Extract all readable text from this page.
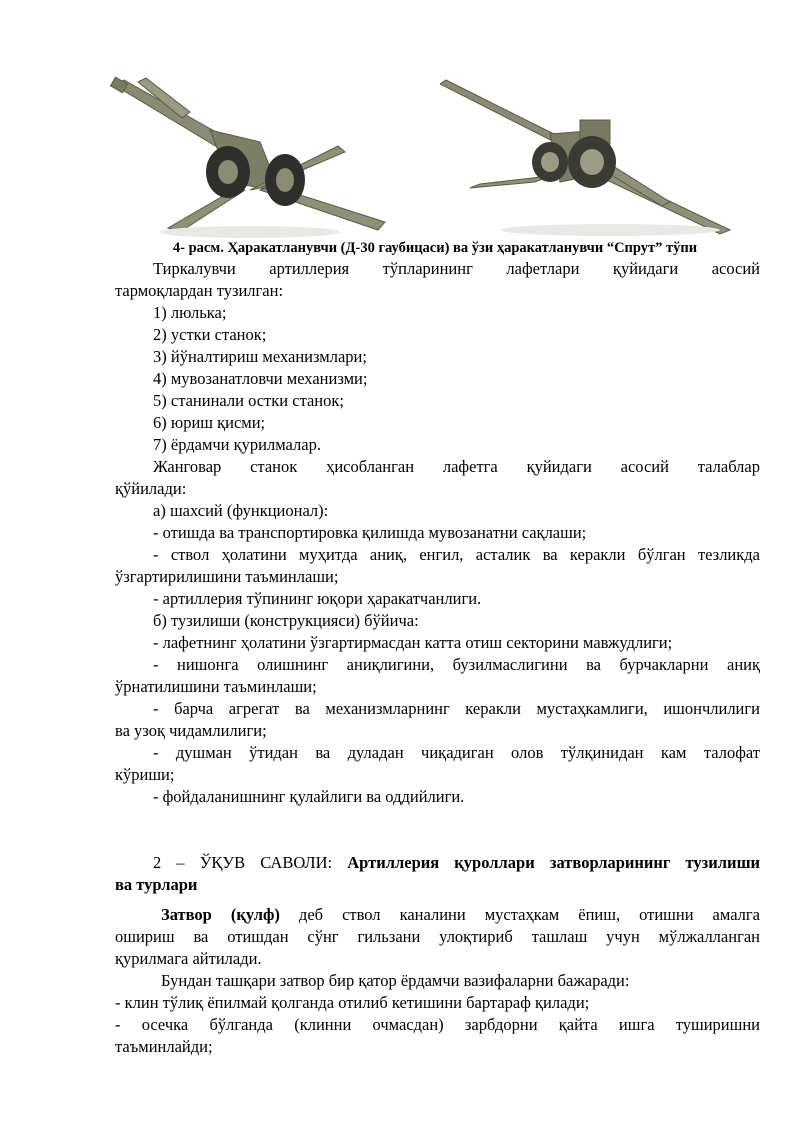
4- расм. Ҳаракатланувчи (Д-30 гаубицаси) ва ўзи ҳаракатланувчи “Спрут” тўпи
Тиркалувчи артиллерия тўпларининг лафетлари қуйидаги асосий
тармоқлардан тузилган:
1) люлька;
2) устки станок;
3) йўналтириш механизмлари;
4) мувозанатловчи механизми;
5) станинали остки станок;
6) юриш қисми;
7) ёрдамчи қурилмалар.
Жанговар станок ҳисобланган лафетга қуйидаги асосий талаблар
қўйилади:
а) шахсий (функционал):
- отишда ва транспортировка қилишда мувозанатни сақлаши;
- ствол ҳолатини муҳитда аниқ, енгил, асталик ва керакли бўлган тезликда
ўзгартирилишини таъминлаши;
- артиллерия тўпининг юқори ҳаракатчанлиги.
б) тузилиши (конструкцияси) бўйича:
- лафетнинг ҳолатини ўзгартирмасдан катта отиш секторини мавжудлиги;
- нишонга олишнинг аниқлигини, бузилмаслигини ва бурчакларни аниқ
ўрнатилишини таъминлаши;
- барча агрегат ва механизмларнинг керакли мустаҳкамлиги, ишончлилиги
ва узоқ чидамлилиги;
- душман ўтидан ва дуладан чиқадиган олов тўлқинидан кам талофат
кўриши;
- фойдаланишнинг қулайлиги ва оддийлиги.
2 – ЎҚУВ САВОЛИ: Артиллерия қуроллари затворларининг тузилиши
ва турлари
Затвор (қулф) деб ствол каналини мустаҳкам ёпиш, отишни амалга
ошириш ва отишдан сўнг гильзани улоқтириб ташлаш учун мўлжалланган
қурилмага айтилади.
Бундан ташқари затвор бир қатор ёрдамчи вазифаларни бажаради:
- клин тўлиқ ёпилмай қолганда отилиб кетишини бартараф қилади;
- осечка бўлганда (клинни очмасдан) зарбдорни қайта ишга туширишни
таъминлайди;
